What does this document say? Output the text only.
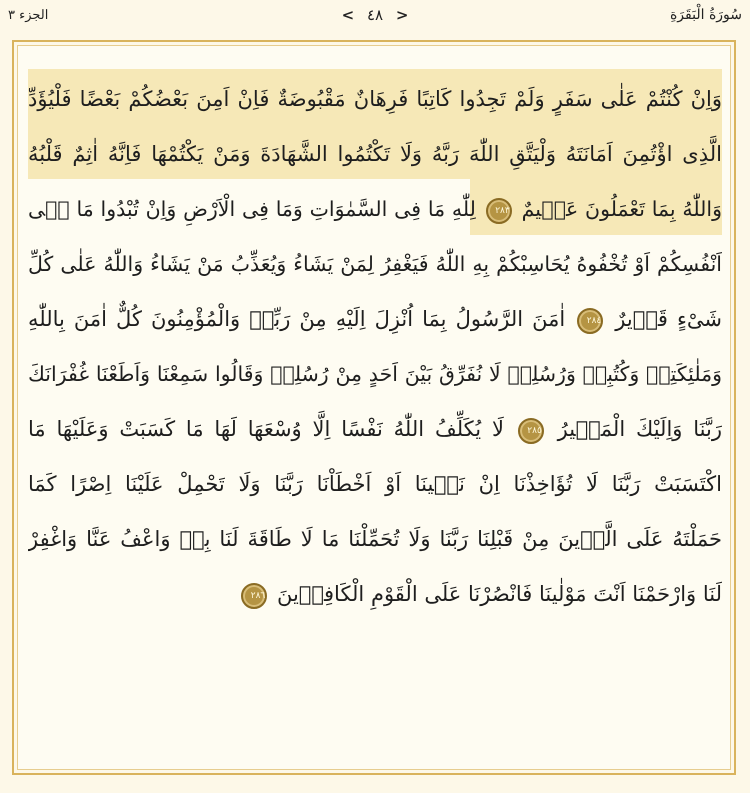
الجزء ٣	< ٤٨ >	سُورَةُ الْبَقَرَةِ
وَاِنْ كُنْتُمْ عَلٰى سَفَرٍ وَلَمْ تَجِدُوا كَاتِبًا فَرِهَانٌ مَقْبُوضَةٌ فَاِنْ اَمِنَ بَعْضُكُمْ بَعْضًا فَلْيُؤَدِّ
الَّذِى اؤْتُمِنَ اَمَانَتَهُ وَلْيَتَّقِ اللّٰهَ رَبَّهُ وَلَا تَكْتُمُوا الشَّهَادَةَ وَمَنْ يَكْتُمْهَا فَاِنَّهُ اٰثِمٌ قَلْبُهُ
وَاللّٰهُ بِمَا تَعْمَلُونَ عَلٖيمٌ ٢٨٣ لِلّٰهِ مَا فِى السَّمٰوَاتِ وَمَا فِى الْاَرْضِ وَاِنْ تُبْدُوا مَا فٖى
اَنْفُسِكُمْ اَوْ تُخْفُوهُ يُحَاسِبْكُمْ بِهِ اللّٰهُ فَيَغْفِرُ لِمَنْ يَشَاءُ وَيُعَذِّبُ مَنْ يَشَاءُ وَاللّٰهُ عَلٰى كُلِّ
شَیْءٍ قَدٖيرٌ ٢٨٤ اٰمَنَ الرَّسُولُ بِمَا اُنْزِلَ اِلَيْهِ مِنْ رَبِّهٖ وَالْمُؤْمِنُونَ كُلٌّ اٰمَنَ بِاللّٰهِ
وَمَلٰئِكَتِهٖ وَكُتُبِهٖ وَرُسُلِهٖ لَا نُفَرِّقُ بَيْنَ اَحَدٍ مِنْ رُسُلِهٖ وَقَالُوا سَمِعْنَا وَاَطَعْنَا غُفْرَانَكَ
رَبَّنَا وَاِلَيْكَ الْمَصٖيرُ ٢٨٥ لَا يُكَلِّفُ اللّٰهُ نَفْسًا اِلَّا وُسْعَهَا لَهَا مَا كَسَبَتْ وَعَلَيْهَا مَا
اكْتَسَبَتْ رَبَّنَا لَا تُؤَاخِذْنَا اِنْ نَسٖينَا اَوْ اَخْطَاْنَا رَبَّنَا وَلَا تَحْمِلْ عَلَيْنَا اِصْرًا كَمَا
حَمَلْتَهُ عَلَى الَّذٖينَ مِنْ قَبْلِنَا رَبَّنَا وَلَا تُحَمِّلْنَا مَا لَا طَاقَةَ لَنَا بِهٖ وَاعْفُ عَنَّا وَاغْفِرْ
لَنَا وَارْحَمْنَا اَنْتَ مَوْلٰينَا فَانْصُرْنَا عَلَى الْقَوْمِ الْكَافِرٖينَ ٢٨٦
